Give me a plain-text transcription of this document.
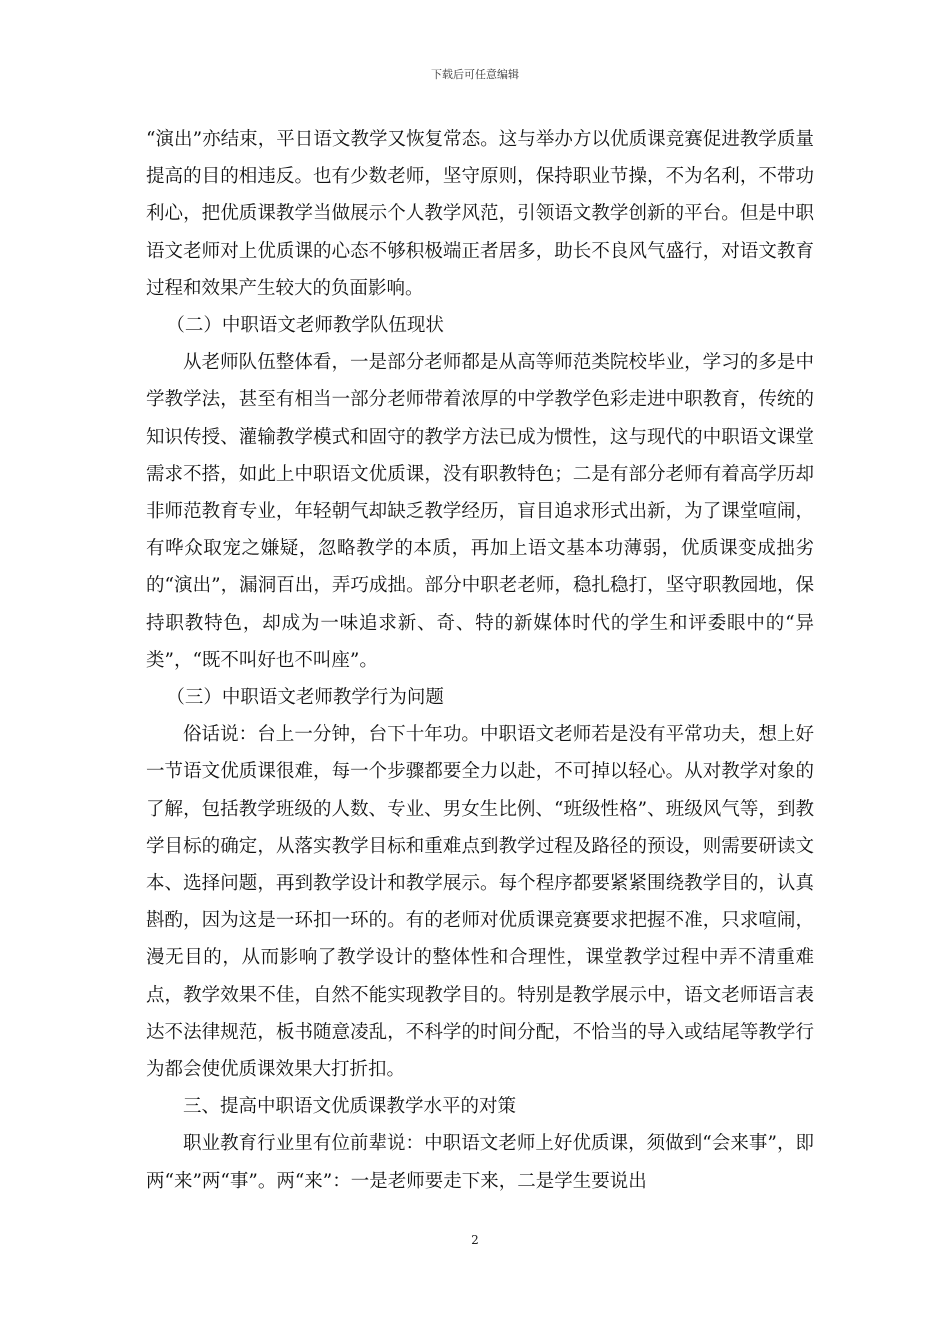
下载后可任意编辑

“演出”亦结束，平日语文教学又恢复常态。这与举办方以优质课竞赛促进教学质量提高的目的相违反。也有少数老师，坚守原则，保持职业节操，不为名利，不带功利心，把优质课教学当做展示个人教学风范，引领语文教学创新的平台。但是中职语文老师对上优质课的心态不够积极端正者居多，助长不良风气盛行，对语文教育过程和效果产生较大的负面影响。

（二）中职语文老师教学队伍现状

从老师队伍整体看，一是部分老师都是从高等师范类院校毕业，学习的多是中学教学法，甚至有相当一部分老师带着浓厚的中学教学色彩走进中职教育，传统的知识传授、灌输教学模式和固守的教学方法已成为惯性，这与现代的中职语文课堂需求不搭，如此上中职语文优质课，没有职教特色；二是有部分老师有着高学历却非师范教育专业，年轻朝气却缺乏教学经历，盲目追求形式出新，为了课堂喧闹，有哗众取宠之嫌疑，忽略教学的本质，再加上语文基本功薄弱，优质课变成拙劣的“演出”，漏洞百出，弄巧成拙。部分中职老老师，稳扎稳打，坚守职教园地，保持职教特色，却成为一味追求新、奇、特的新媒体时代的学生和评委眼中的“异类”，“既不叫好也不叫座”。

（三）中职语文老师教学行为问题

俗话说：台上一分钟，台下十年功。中职语文老师若是没有平常功夫，想上好一节语文优质课很难，每一个步骤都要全力以赴，不可掉以轻心。从对教学对象的了解，包括教学班级的人数、专业、男女生比例、“班级性格”、班级风气等，到教学目标的确定，从落实教学目标和重难点到教学过程及路径的预设，则需要研读文本、选择问题，再到教学设计和教学展示。每个程序都要紧紧围绕教学目的，认真斟酌，因为这是一环扣一环的。有的老师对优质课竞赛要求把握不准，只求喧闹，漫无目的，从而影响了教学设计的整体性和合理性，课堂教学过程中弄不清重难点，教学效果不佳，自然不能实现教学目的。特别是教学展示中，语文老师语言表达不法律规范，板书随意凌乱，不科学的时间分配，不恰当的导入或结尾等教学行为都会使优质课效果大打折扣。

三、提高中职语文优质课教学水平的对策

职业教育行业里有位前辈说：中职语文老师上好优质课，须做到“会来事”，即两“来”两“事”。两“来”：一是老师要走下来，二是学生要说出

2
